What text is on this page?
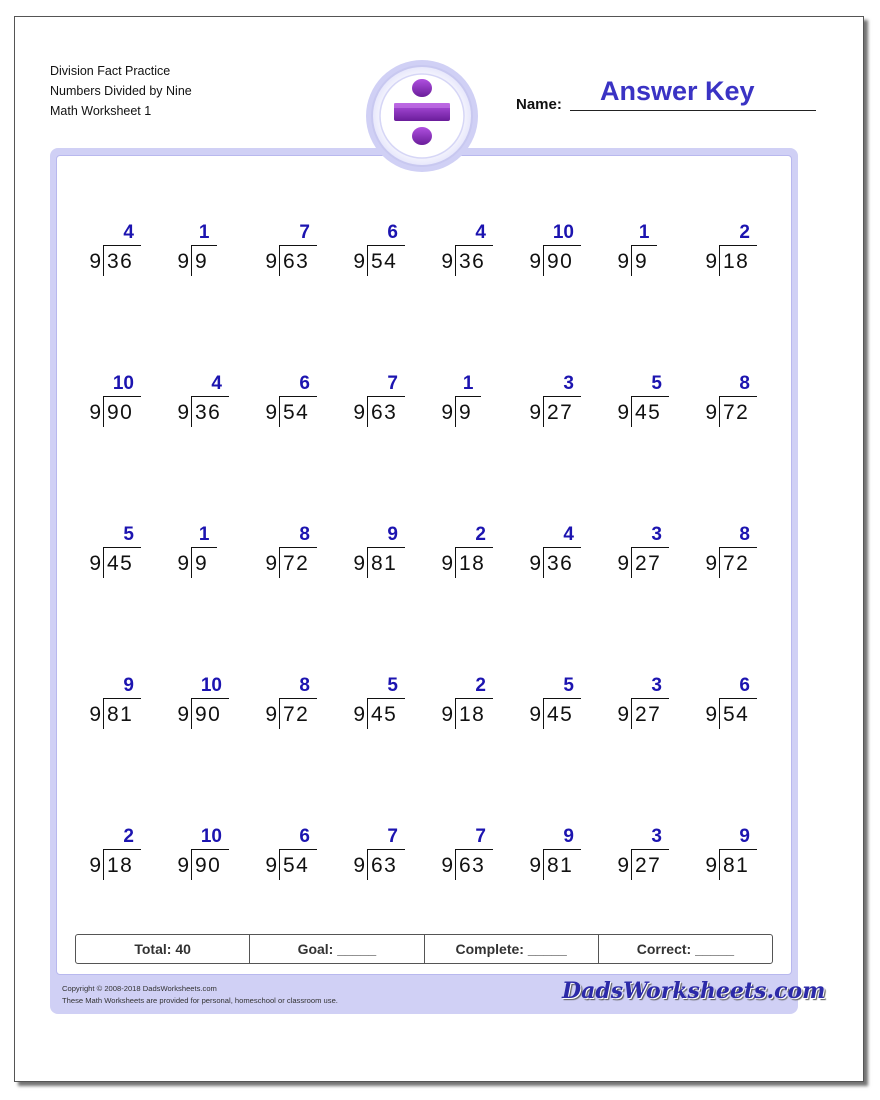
Division Fact Practice
Numbers Divided by Nine
Math Worksheet 1	Name: Answer Key
4
9 36
1
9 9
7
9 63
6
9 54
4
9 36
10
9 90
1
9 9
2
9 18
10
9 90
4
9 36
6
9 54
7
9 63
1
9 9
3
9 27
5
9 45
8
9 72
5
9 45
1
9 9
8
9 72
9
9 81
2
9 18
4
9 36
3
9 27
8
9 72
9
9 81
10
9 90
8
9 72
5
9 45
2
9 18
5
9 45
3
9 27
6
9 54
2
9 18
10
9 90
6
9 54
7
9 63
7
9 63
9
9 81
3
9 27
9
9 81
Total: 40	Goal: _____	Complete: _____	Correct: _____
Copyright © 2008-2018 DadsWorksheets.com
These Math Worksheets are provided for personal, homeschool or classroom use.	DadsWorksheets.com
